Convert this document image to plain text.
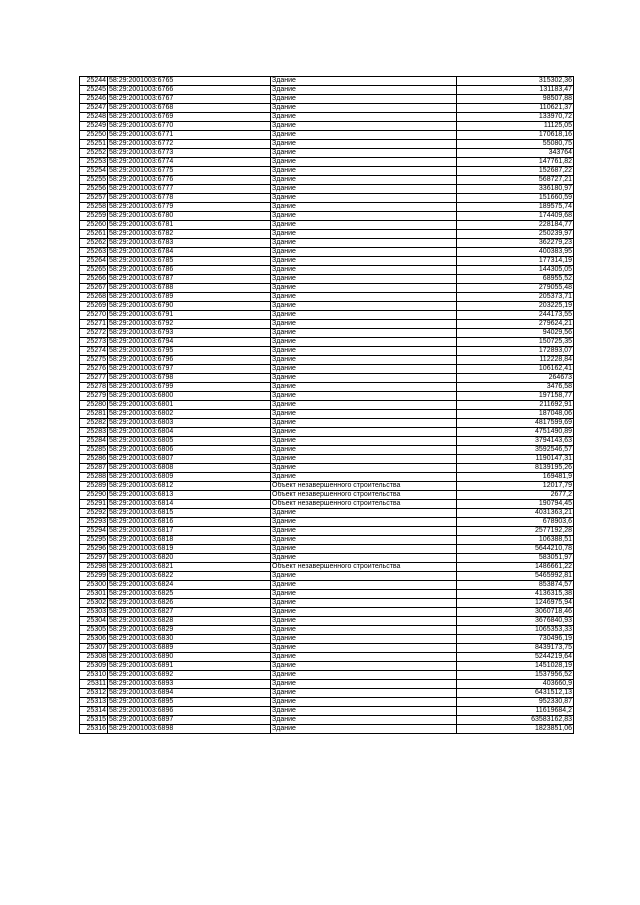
25244	58:29:2001003:6765	Здание	315302,36
25245	58:29:2001003:6766	Здание	131183,47
25246	58:29:2001003:6767	Здание	98507,88
25247	58:29:2001003:6768	Здание	110621,37
25248	58:29:2001003:6769	Здание	133970,72
25249	58:29:2001003:6770	Здание	11125,05
25250	58:29:2001003:6771	Здание	170618,16
25251	58:29:2001003:6772	Здание	55080,75
25252	58:29:2001003:6773	Здание	343764
25253	58:29:2001003:6774	Здание	147761,82
25254	58:29:2001003:6775	Здание	152687,22
25255	58:29:2001003:6776	Здание	568727,21
25256	58:29:2001003:6777	Здание	336180,97
25257	58:29:2001003:6778	Здание	151660,59
25258	58:29:2001003:6779	Здание	189575,74
25259	58:29:2001003:6780	Здание	174409,68
25260	58:29:2001003:6781	Здание	228184,77
25261	58:29:2001003:6782	Здание	250239,97
25262	58:29:2001003:6783	Здание	362279,23
25263	58:29:2001003:6784	Здание	400383,95
25264	58:29:2001003:6785	Здание	177314,19
25265	58:29:2001003:6786	Здание	144305,05
25266	58:29:2001003:6787	Здание	68955,52
25267	58:29:2001003:6788	Здание	279055,48
25268	58:29:2001003:6789	Здание	205373,71
25269	58:29:2001003:6790	Здание	203225,19
25270	58:29:2001003:6791	Здание	244173,55
25271	58:29:2001003:6792	Здание	279624,21
25272	58:29:2001003:6793	Здание	94029,56
25273	58:29:2001003:6794	Здание	150725,35
25274	58:29:2001003:6795	Здание	172893,07
25275	58:29:2001003:6796	Здание	112228,84
25276	58:29:2001003:6797	Здание	106162,41
25277	58:29:2001003:6798	Здание	264673
25278	58:29:2001003:6799	Здание	3476,58
25279	58:29:2001003:6800	Здание	197158,77
25280	58:29:2001003:6801	Здание	211692,91
25281	58:29:2001003:6802	Здание	187048,06
25282	58:29:2001003:6803	Здание	4817599,69
25283	58:29:2001003:6804	Здание	4751490,89
25284	58:29:2001003:6805	Здание	3794143,63
25285	58:29:2001003:6806	Здание	3592546,57
25286	58:29:2001003:6807	Здание	1190147,31
25287	58:29:2001003:6808	Здание	8139195,26
25288	58:29:2001003:6809	Здание	169481,9
25289	58:29:2001003:6812	Объект незавершенного строительства	12017,79
25290	58:29:2001003:6813	Объект незавершенного строительства	2677,2
25291	58:29:2001003:6814	Объект незавершенного строительства	190794,45
25292	58:29:2001003:6815	Здание	4031363,21
25293	58:29:2001003:6816	Здание	678903,6
25294	58:29:2001003:6817	Здание	2577192,28
25295	58:29:2001003:6818	Здание	106388,51
25296	58:29:2001003:6819	Здание	5644210,78
25297	58:29:2001003:6820	Здание	583051,97
25298	58:29:2001003:6821	Объект незавершенного строительства	1486661,22
25299	58:29:2001003:6822	Здание	5465992,81
25300	58:29:2001003:6824	Здание	853874,57
25301	58:29:2001003:6825	Здание	4136315,38
25302	58:29:2001003:6826	Здание	1246975,94
25303	58:29:2001003:6827	Здание	3060718,46
25304	58:29:2001003:6828	Здание	3676840,93
25305	58:29:2001003:6829	Здание	1065353,33
25306	58:29:2001003:6830	Здание	730496,19
25307	58:29:2001003:6889	Здание	8439173,75
25308	58:29:2001003:6890	Здание	5244219,64
25309	58:29:2001003:6891	Здание	1451028,19
25310	58:29:2001003:6892	Здание	1537956,52
25311	58:29:2001003:6893	Здание	403660,9
25312	58:29:2001003:6894	Здание	6431512,13
25313	58:29:2001003:6895	Здание	952330,87
25314	58:29:2001003:6896	Здание	11619684,2
25315	58:29:2001003:6897	Здание	63583162,83
25316	58:29:2001003:6898	Здание	1823851,06
